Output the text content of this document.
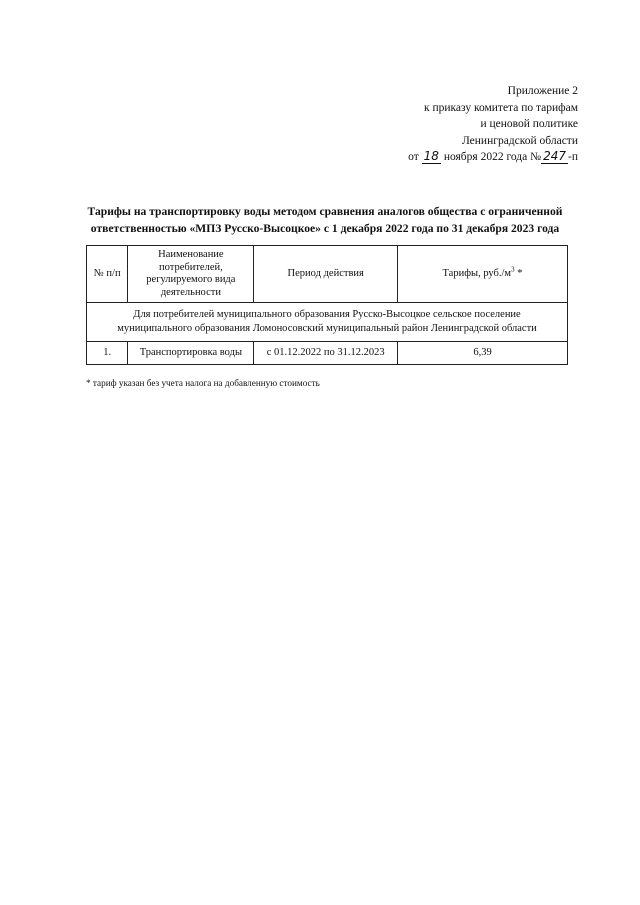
Приложение 2
к приказу комитета по тарифам
и ценовой политике
Ленинградской области
от 18 ноября 2022 года № 247 -п
Тарифы на транспортировку воды методом сравнения аналогов общества с ограниченной
ответственностью «МПЗ Русско-Высоцкое» с 1 декабря 2022 года по 31 декабря 2023 года
№ п/п	Наименование потребителей, регулируемого вида деятельности	Период действия	Тарифы, $руб./м^3$ *

Для потребителей муниципального образования Русско-Высоцкое сельское поселение
муниципального образования Ломоносовский муниципальный район Ленинградской области			

1.	Транспортировка воды	с 01.12.2022 по 31.12.2023	6,39
* тариф указан без учета налога на добавленную стоимость
